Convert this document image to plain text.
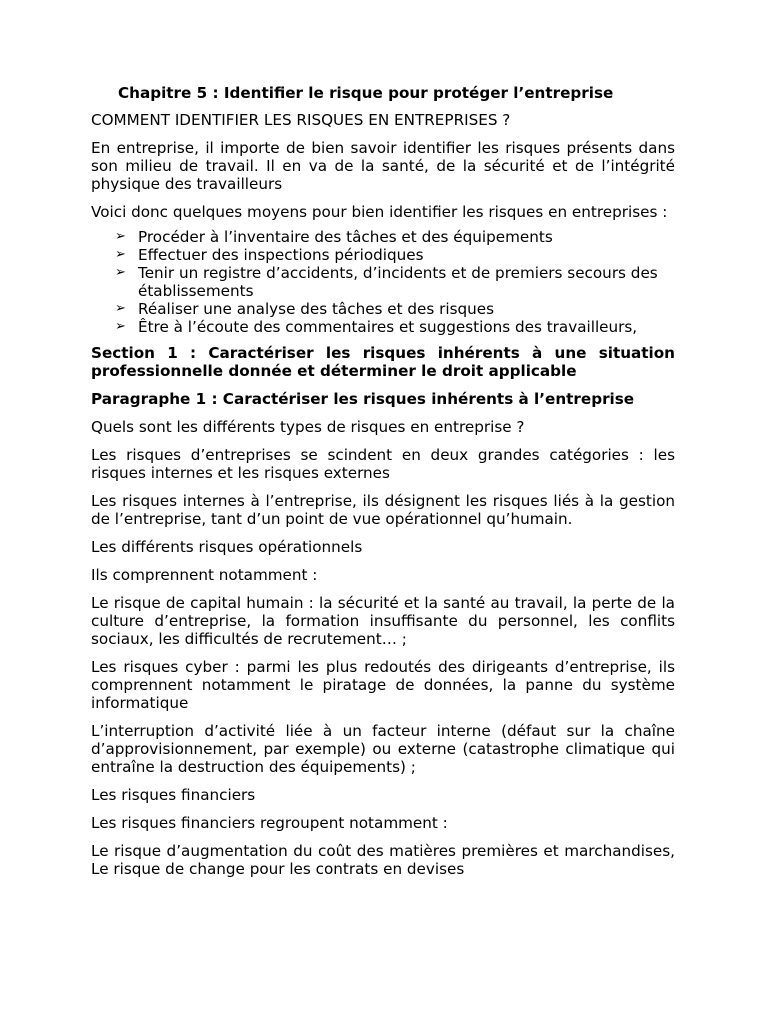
Chapitre 5 : Identifier le risque pour protéger l’entreprise

COMMENT IDENTIFIER LES RISQUES EN ENTREPRISES ?

En entreprise, il importe de bien savoir identifier les risques présents dans son milieu de travail. Il en va de la santé, de la sécurité et de l’intégrité physique des travailleurs

Voici donc quelques moyens pour bien identifier les risques en entreprises :

➢ Procéder à l’inventaire des tâches et des équipements
➢ Effectuer des inspections périodiques
➢ Tenir un registre d’accidents, d’incidents et de premiers secours des établissements
➢ Réaliser une analyse des tâches et des risques
➢ Être à l’écoute des commentaires et suggestions des travailleurs,
Section 1 : Caractériser les risques inhérents à une situation professionnelle donnée et déterminer le droit applicable
Paragraphe 1 : Caractériser les risques inhérents à l’entreprise

Quels sont les différents types de risques en entreprise ?

Les risques d’entreprises se scindent en deux grandes catégories : les risques internes et les risques externes

Les risques internes à l’entreprise, ils désignent les risques liés à la gestion de l’entreprise, tant d’un point de vue opérationnel qu’humain.

Les différents risques opérationnels

Ils comprennent notamment :

Le risque de capital humain : la sécurité et la santé au travail, la perte de la culture d’entreprise, la formation insuffisante du personnel, les conflits sociaux, les difficultés de recrutement… ;

Les risques cyber : parmi les plus redoutés des dirigeants d’entreprise, ils comprennent notamment le piratage de données, la panne du système informatique

L’interruption d’activité liée à un facteur interne (défaut sur la chaîne d’approvisionnement, par exemple) ou externe (catastrophe climatique qui entraîne la destruction des équipements) ;

Les risques financiers

Les risques financiers regroupent notamment :

Le risque d’augmentation du coût des matières premières et marchandises, Le risque de change pour les contrats en devises
